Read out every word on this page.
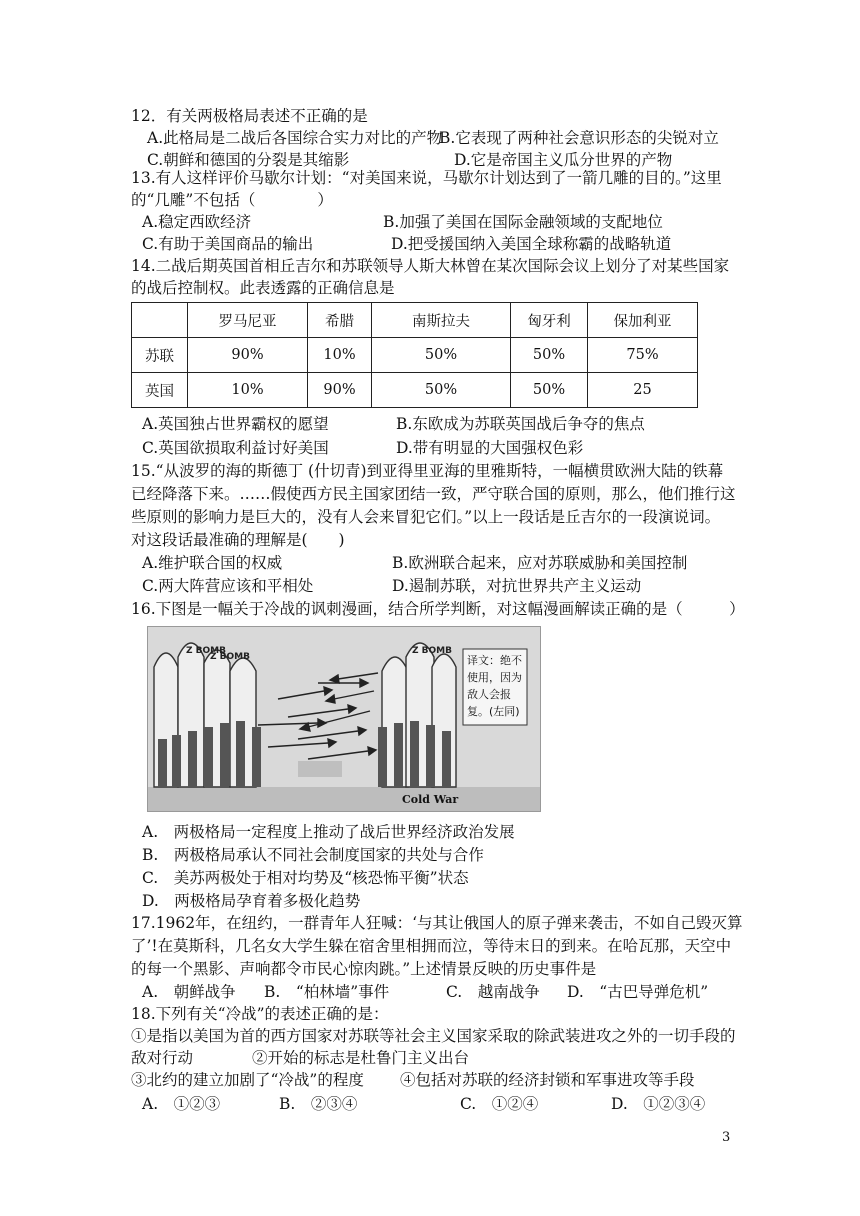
12．有关两极格局表述不正确的是
A.此格局是二战后各国综合实力对比的产物
B.它表现了两种社会意识形态的尖锐对立
C.朝鲜和德国的分裂是其缩影	D.它是帝国主义瓜分世界的产物
13.有人这样评价马歇尔计划：“对美国来说，马歇尔计划达到了一箭几雕的目的。”这里
的“几雕”不包括（　　　　）
A.稳定西欧经济	B.加强了美国在国际金融领域的支配地位
C.有助于美国商品的输出	D.把受援国纳入美国全球称霸的战略轨道
14.二战后期英国首相丘吉尔和苏联领导人斯大林曾在某次国际会议上划分了对某些国家
的战后控制权。此表透露的正确信息是
	罗马尼亚	希腊	南斯拉夫	匈牙利	保加利亚
苏联	90%	10%	50%	50%	75%
英国	10%	90%	50%	50%	25
A.英国独占世界霸权的愿望	B.东欧成为苏联英国战后争夺的焦点
C.英国欲损取利益讨好美国	D.带有明显的大国强权色彩
15.“从波罗的海的斯德丁 (什切青)到亚得里亚海的里雅斯特，一幅横贯欧洲大陆的铁幕
已经降落下来。……假使西方民主国家团结一致，严守联合国的原则，那么，他们推行这
些原则的影响力是巨大的，没有人会来冒犯它们。”以上一段话是丘吉尔的一段演说词。
对这段话最准确的理解是(　　)
A.维护联合国的权威	B.欧洲联合起来，应对苏联威胁和美国控制
C.两大阵营应该和平相处	D.遏制苏联，对抗世界共产主义运动
16.下图是一幅关于冷战的讽刺漫画，结合所学判断，对这幅漫画解读正确的是（　　　）
Z BOMB
Z BOMB
Z BOMB
译文：绝不
使用，因为
敌人会报
复。(左同)
Cold War
A.　两极格局一定程度上推动了战后世界经济政治发展
B.　两极格局承认不同社会制度国家的共处与合作
C.　美苏两极处于相对均势及“核恐怖平衡”状态
D.　两极格局孕育着多极化趋势
17.1962年，在纽约，一群青年人狂喊：‘与其让俄国人的原子弹来袭击，不如自己毁灭算
了’!在莫斯科，几名女大学生躲在宿舍里相拥而泣，等待末日的到来。在哈瓦那，天空中
的每一个黑影、声响都令市民心惊肉跳。”上述情景反映的历史事件是
A.　朝鲜战争 B.　“柏林墙”事件	C.　越南战争 D.　“古巴导弹危机”
18.下列有关“冷战”的表述正确的是：
①是指以美国为首的西方国家对苏联等社会主义国家采取的除武装进攻之外的一切手段的
敌对行动	②开始的标志是杜鲁门主义出台
③北约的建立加剧了“冷战”的程度 ④包括对苏联的经济封锁和军事进攻等手段
A.　①②③	B.　②③④	C.　①②④	D.　①②③④
3
